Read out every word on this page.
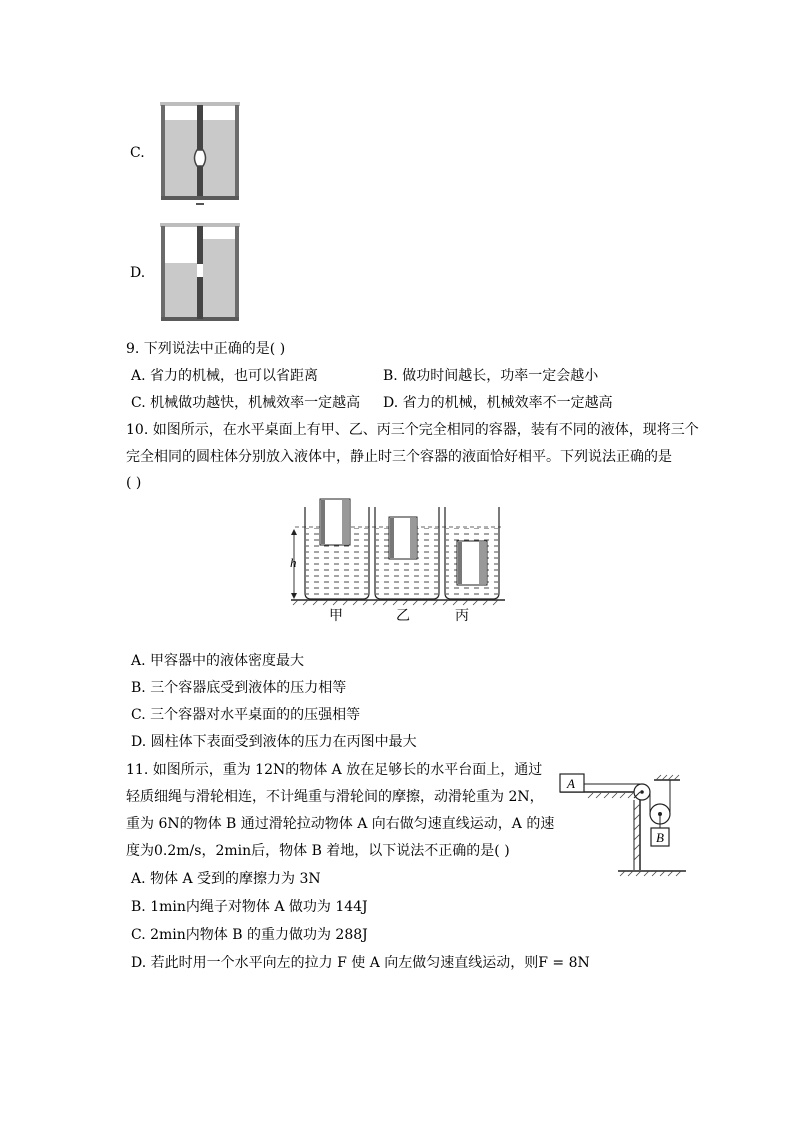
C.
D.
9. 下列说法中正确的是( )
A. 省力的机械，也可以省距离	B. 做功时间越长，功率一定会越小
C. 机械做功越快，机械效率一定越高 D. 省力的机械，机械效率不一定越高
10. 如图所示，在水平桌面上有甲、乙、丙三个完全相同的容器，装有不同的液体，现将三个
完全相同的圆柱体分别放入液体中，静止时三个容器的液面恰好相平。下列说法正确的是
( )
h
甲	乙	丙
A. 甲容器中的液体密度最大
B. 三个容器底受到液体的压力相等
C. 三个容器对水平桌面的的压强相等
D. 圆柱体下表面受到液体的压力在丙图中最大
11. 如图所示，重为 12N的物体 A 放在足够长的水平台面上，通过
轻质细绳与滑轮相连，不计绳重与滑轮间的摩擦，动滑轮重为 2N，
重为 6N的物体 B 通过滑轮拉动物体 A 向右做匀速直线运动，A 的速
度为0.2m/s，2min后，物体 B 着地，以下说法不正确的是( )
A
B
A. 物体 A 受到的摩擦力为 3N
B. 1min内绳子对物体 A 做功为 144J
C. 2min内物体 B 的重力做功为 288J
D. 若此时用一个水平向左的拉力 F 使 A 向左做匀速直线运动，则F = 8N
